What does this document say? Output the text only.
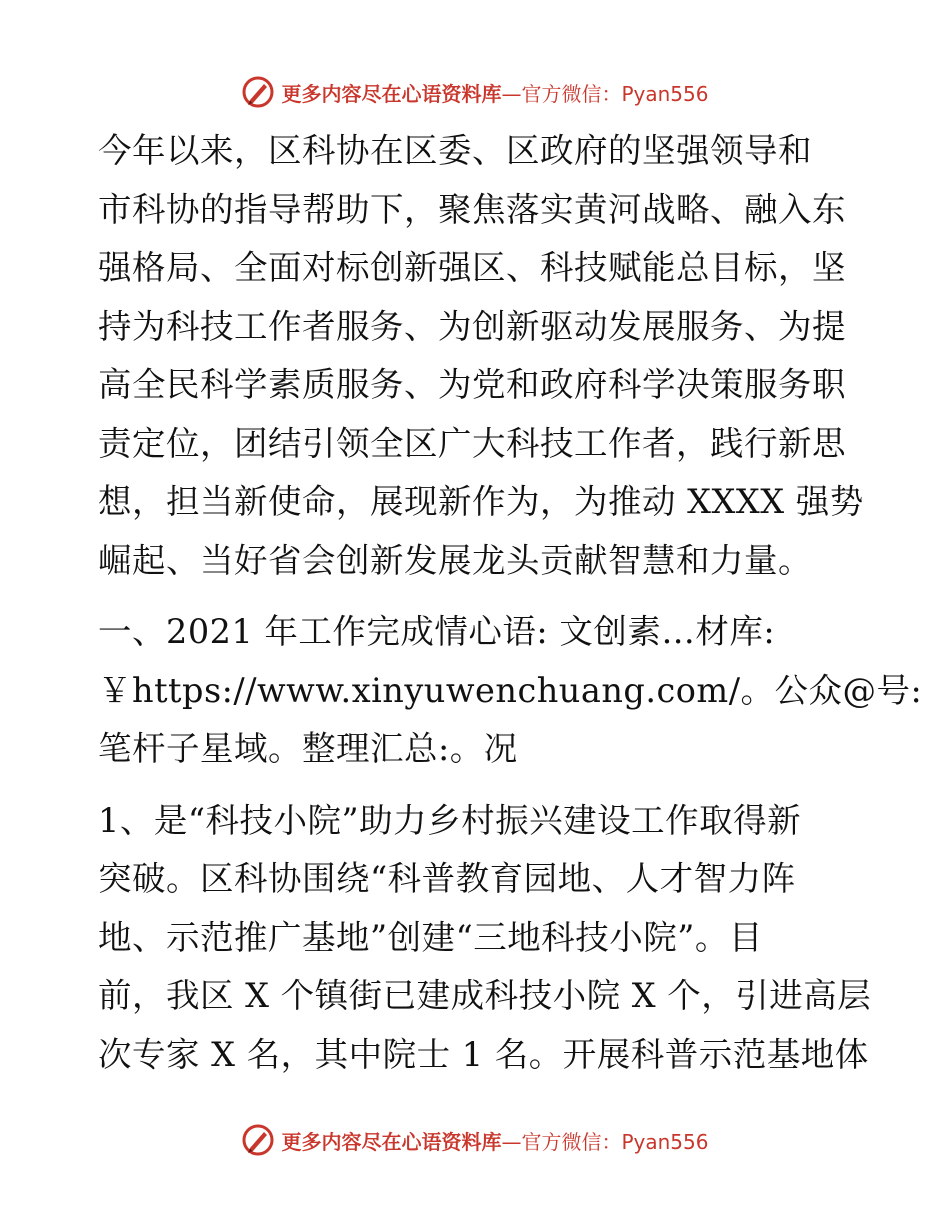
更多内容尽在心语资料库—官方微信：Pyan556
今年以来，区科协在区委、区政府的坚强领导和
市科协的指导帮助下，聚焦落实黄河战略、融入东
强格局、全面对标创新强区、科技赋能总目标，坚
持为科技工作者服务、为创新驱动发展服务、为提
高全民科学素质服务、为党和政府科学决策服务职
责定位，团结引领全区广大科技工作者，践行新思
想，担当新使命，展现新作为，为推动 XXXX 强势
崛起、当好省会创新发展龙头贡献智慧和力量。
一、2021 年工作完成情心语: 文创素…材库:
￥https://www.xinyuwenchuang.com/。公众@号:
笔杆子星域。整理汇总:。况
1、是“科技小院”助力乡村振兴建设工作取得新
突破。区科协围绕“科普教育园地、人才智力阵
地、示范推广基地”创建“三地科技小院”。目
前，我区 X 个镇街已建成科技小院 X 个，引进高层
次专家 X 名，其中院士 1 名。开展科普示范基地体
更多内容尽在心语资料库—官方微信：Pyan556
